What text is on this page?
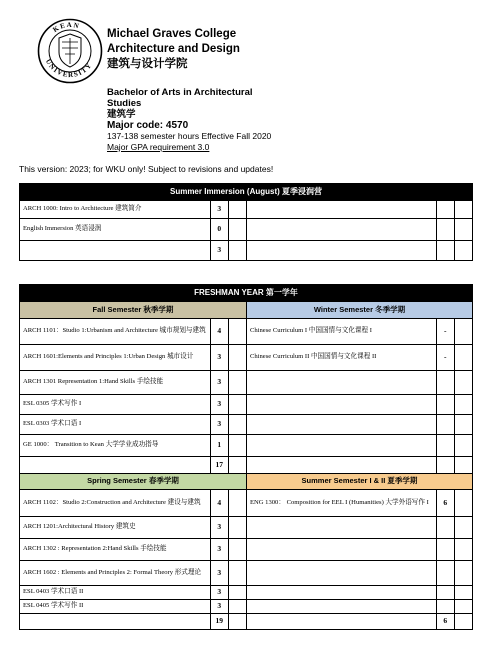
KEAN
UNIVERSITY
Michael Graves College
Architecture and Design
建筑与设计学院
Bachelor of Arts in Architectural
Studies
建筑学
Major code: 4570
137-138 semester hours Effective Fall 2020
Major GPA requirement 3.0
This version: 2023; for WKU only! Subject to revisions and updates!
Summer Immersion (August) 夏季浸润营					
ARCH 1000: Intro to Architecture 建筑简介	3				
English Immersion 英语浸润	0				
	3				
FRESHMAN YEAR 第一学年					
Fall Semester 秋季学期			Winter Semester 冬季学期		
ARCH 1101：Studio 1:Urbanism and Architecture 城市规划与建筑	4		Chinese Curriculum I 中国国情与文化课程 I	-	
ARCH 1601:Elements and Principles 1:Urban Design 城市设计	3		Chinese Curriculum II 中国国情与文化课程 II	-	
ARCH 1301 Representation 1:Hand Skills 手绘技能	3				
ESL 0305 学术写作 I	3				
ESL 0303 学术口语 I	3				
GE 1000： Transition to Kean 大学学业成功指导	1				
	17				
Spring Semester 春季学期			Summer Semester I & II 夏季学期		
ARCH 1102：Studio 2:Construction and Architecture 建设与建筑	4		ENG 1300： Composition for EEL I (Humanities) 大学外语写作 I	6	
ARCH 1201:Architectural History 建筑史	3				
ARCH 1302 : Representation 2:Hand Skills 手绘技能	3				
ARCH 1602 : Elements and Principles 2: Formal Theory 形式理论	3				
ESL 0403 学术口语 II	3				
ESL 0405 学术写作 II	3				
	19			6	
